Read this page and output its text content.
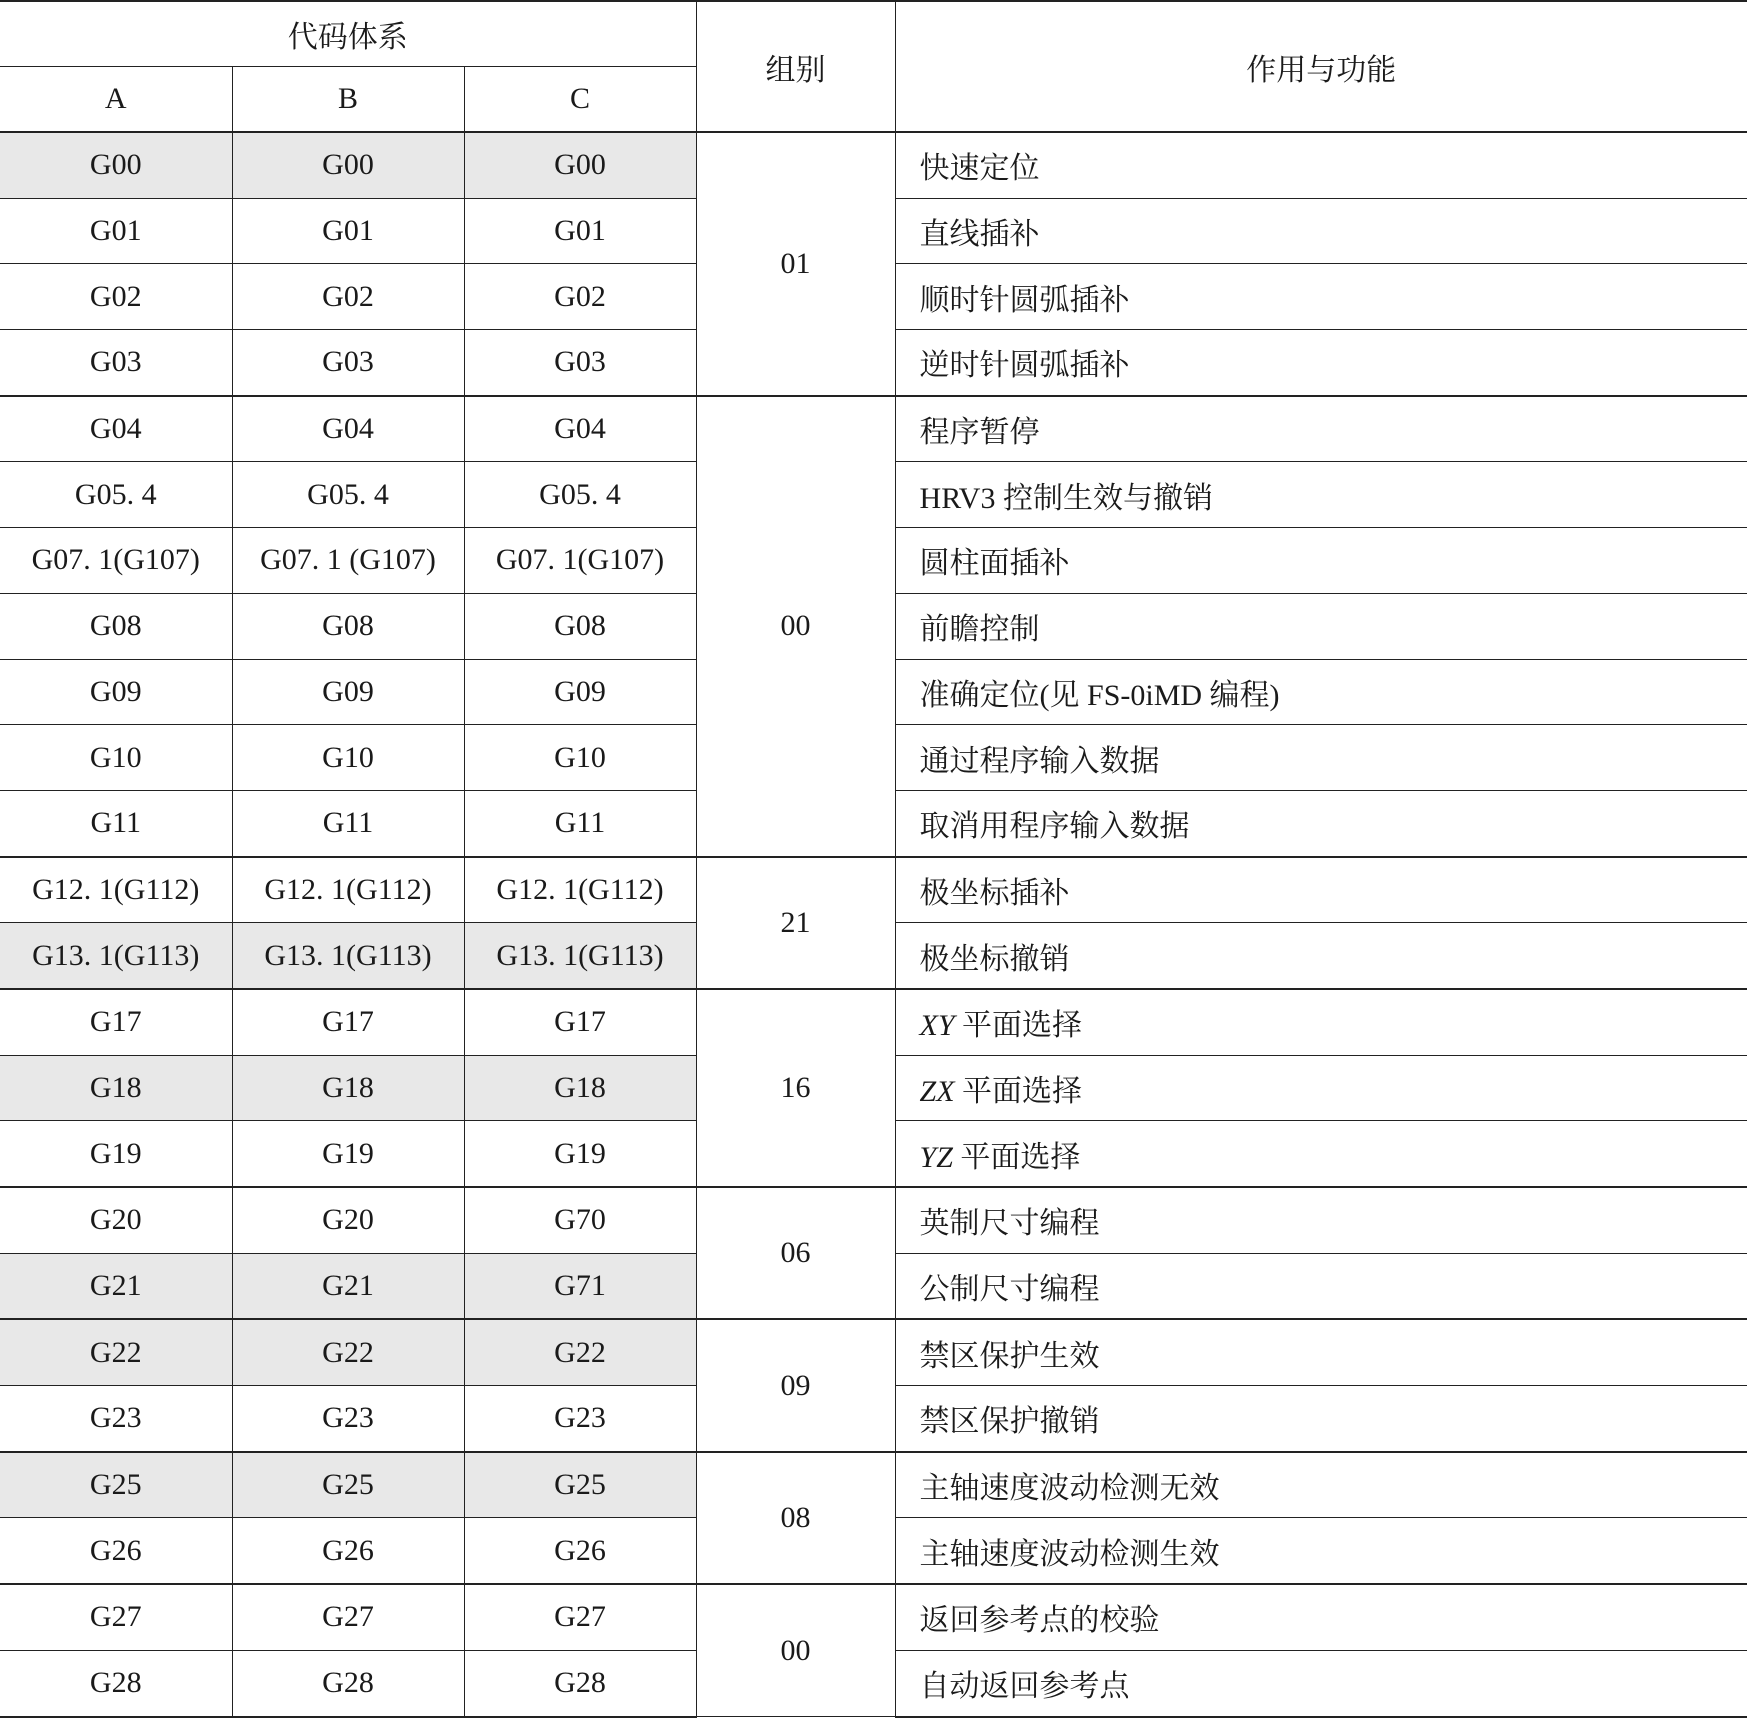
代码体系			组别	作用与功能
A	B	C		
G00	G00	G00	01	快速定位
G01	G01	G01		直线插补
G02	G02	G02		顺时针圆弧插补
G03	G03	G03		逆时针圆弧插补
G04	G04	G04	00	程序暂停
G05. 4	G05. 4	G05. 4		HRV3 控制生效与撤销
G07. 1(G107)	G07. 1 (G107)	G07. 1(G107)		圆柱面插补
G08	G08	G08		前瞻控制
G09	G09	G09		准确定位(见 FS-0iMD 编程)
G10	G10	G10		通过程序输入数据
G11	G11	G11		取消用程序输入数据
G12. 1(G112)	G12. 1(G112)	G12. 1(G112)	21	极坐标插补
G13. 1(G113)	G13. 1(G113)	G13. 1(G113)		极坐标撤销
G17	G17	G17	16	XY 平面选择
G18	G18	G18		ZX 平面选择
G19	G19	G19		YZ 平面选择
G20	G20	G70	06	英制尺寸编程
G21	G21	G71		公制尺寸编程
G22	G22	G22	09	禁区保护生效
G23	G23	G23		禁区保护撤销
G25	G25	G25	08	主轴速度波动检测无效
G26	G26	G26		主轴速度波动检测生效
G27	G27	G27	00	返回参考点的校验
G28	G28	G28		自动返回参考点
